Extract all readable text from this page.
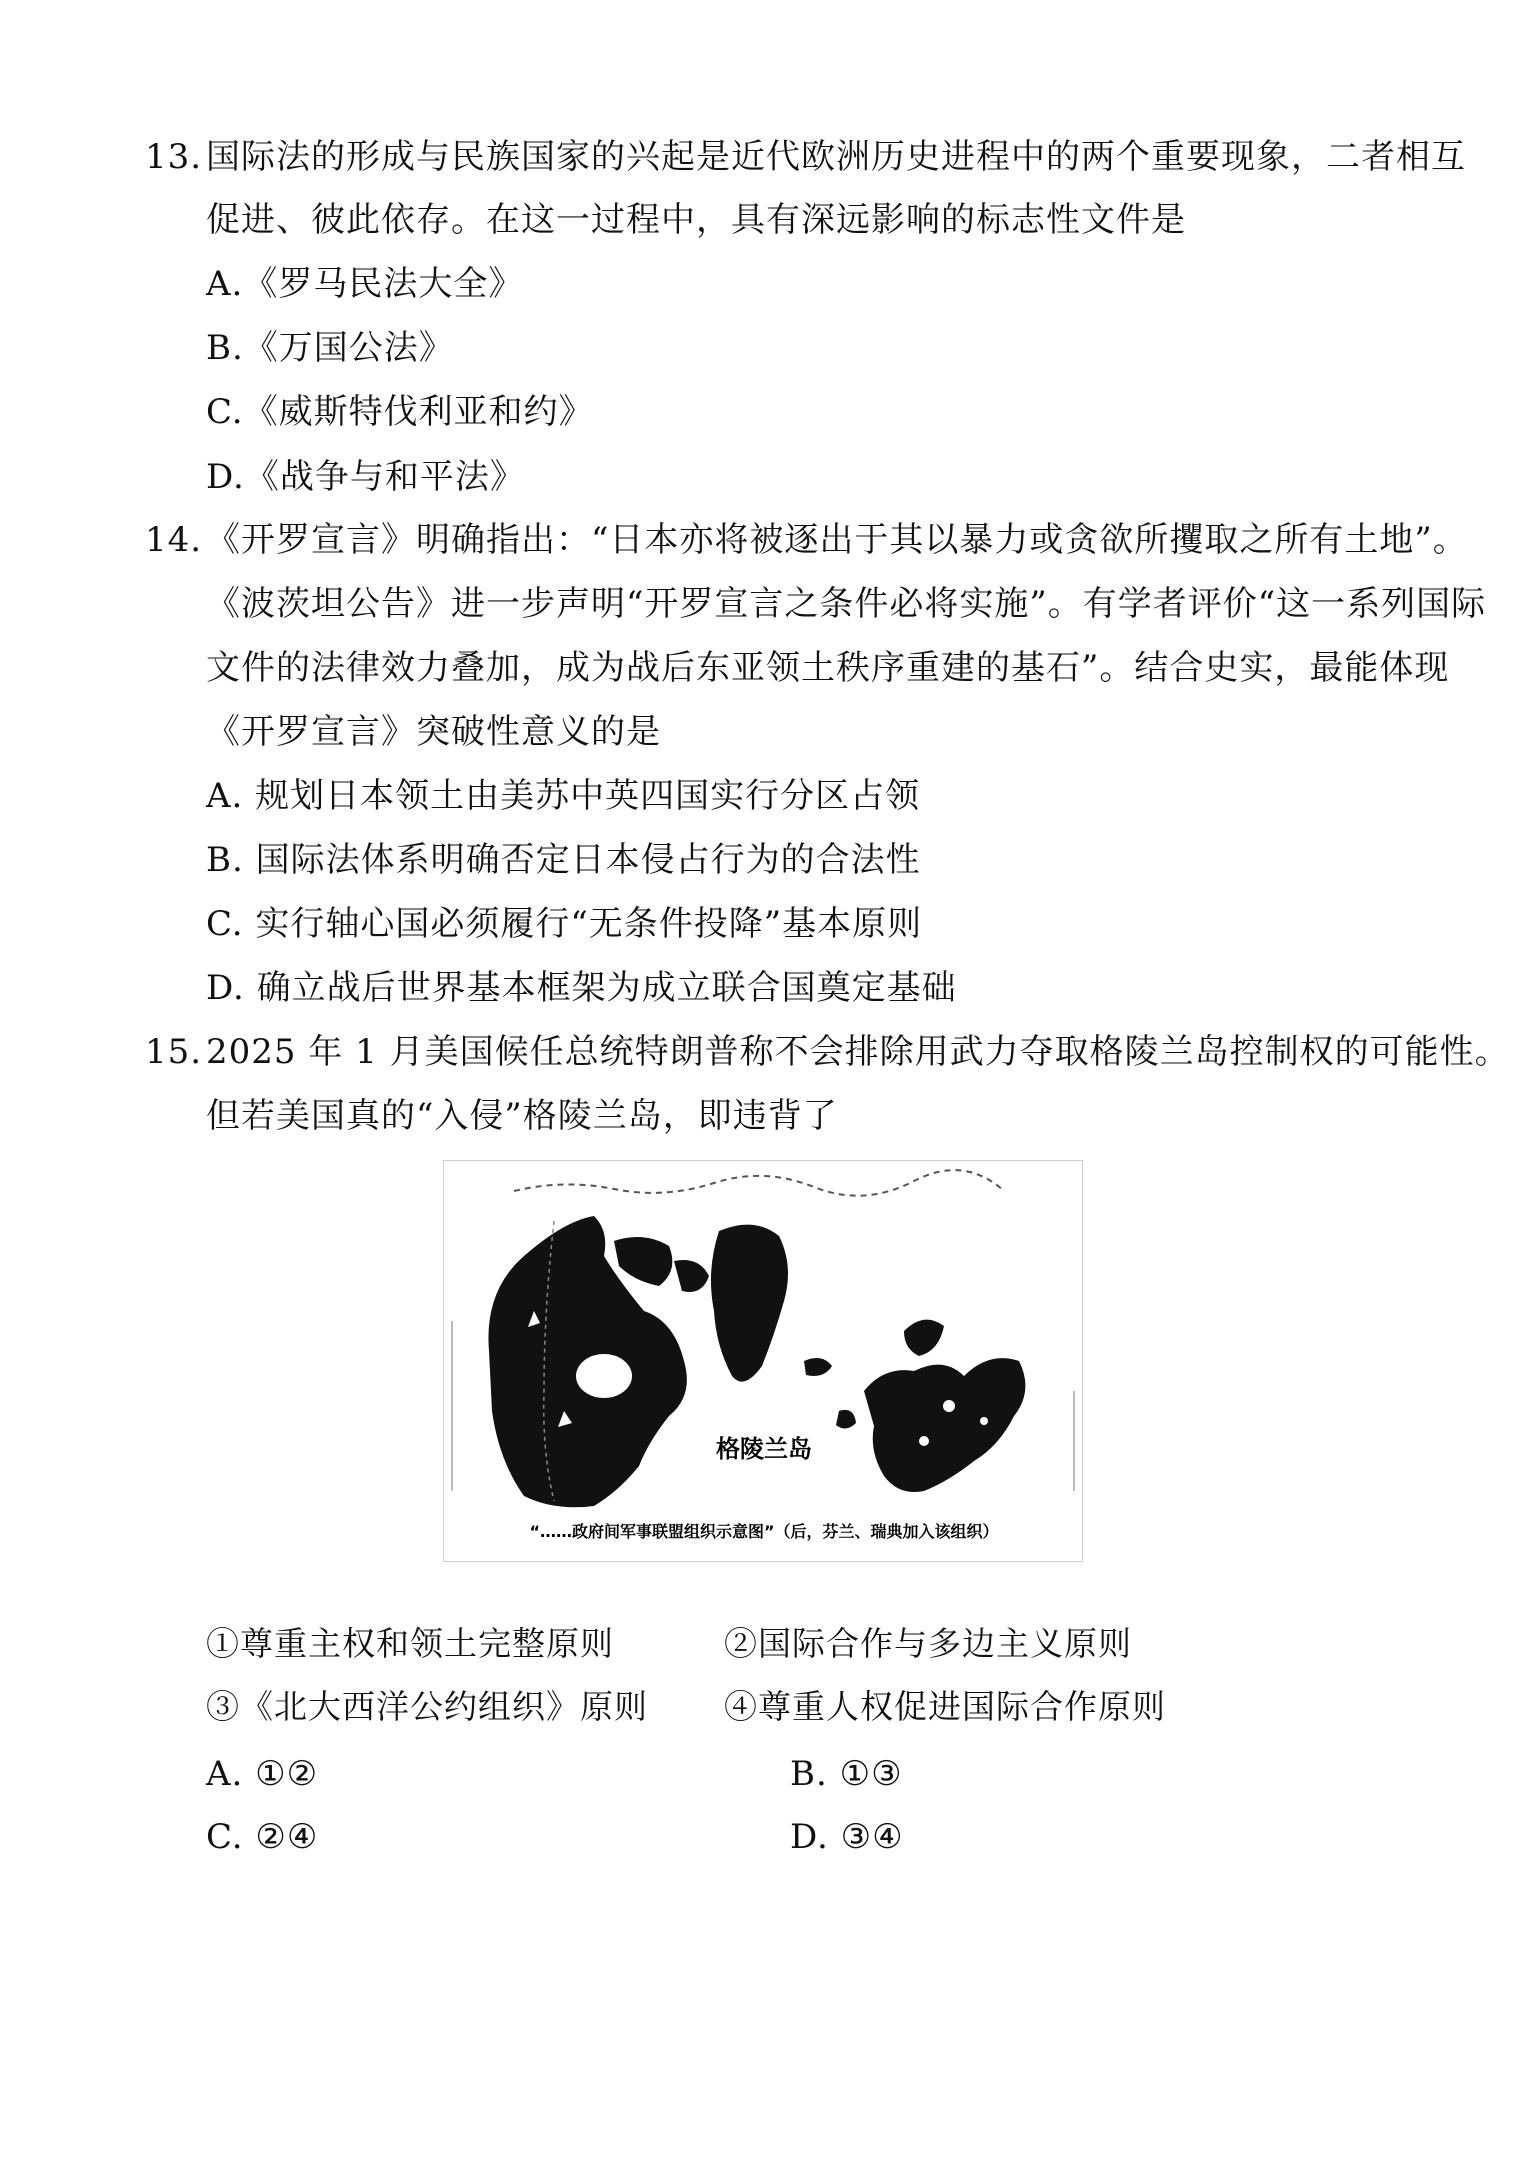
13. 国际法的形成与民族国家的兴起是近代欧洲历史进程中的两个重要现象，二者相互
促进、彼此依存。在这一过程中，具有深远影响的标志性文件是
A.《罗马民法大全》
B.《万国公法》
C.《威斯特伐利亚和约》
D.《战争与和平法》
14. 《开罗宣言》明确指出：“日本亦将被逐出于其以暴力或贪欲所攫取之所有土地”。
《波茨坦公告》进一步声明“开罗宣言之条件必将实施”。有学者评价“这一系列国际
文件的法律效力叠加，成为战后东亚领土秩序重建的基石”。结合史实，最能体现
《开罗宣言》突破性意义的是
A. 规划日本领土由美苏中英四国实行分区占领
B. 国际法体系明确否定日本侵占行为的合法性
C. 实行轴心国必须履行“无条件投降”基本原则
D. 确立战后世界基本框架为成立联合国奠定基础
15. 2025 年 1 月美国候任总统特朗普称不会排除用武力夺取格陵兰岛控制权的可能性。
但若美国真的“入侵”格陵兰岛，即违背了
格陵兰岛
“……政府间军事联盟组织示意图”（后，芬兰、瑞典加入该组织）
①尊重主权和领土完整原则	②国际合作与多边主义原则
③《北大西洋公约组织》原则 ④尊重人权促进国际合作原则
A. ①②	B. ①③
C. ②④	D. ③④
